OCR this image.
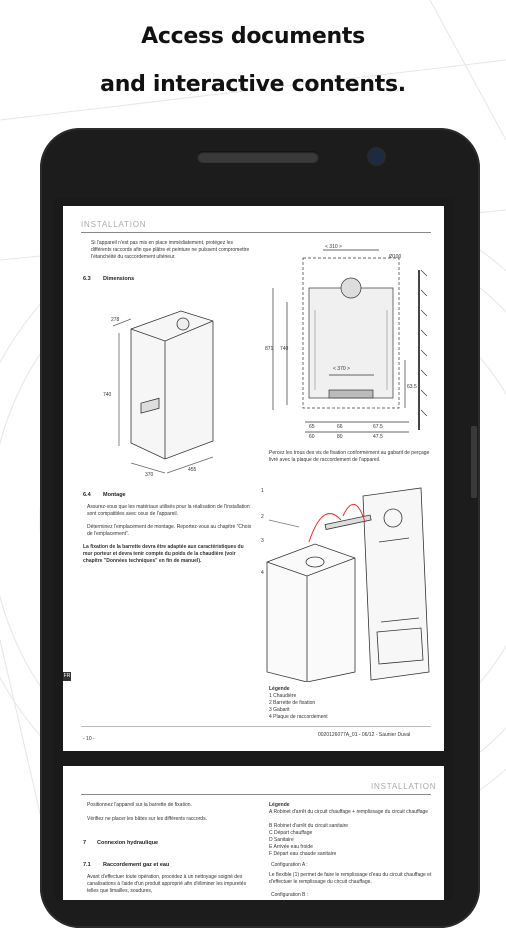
Access documents
and interactive contents.
INSTALLATION
Si l'appareil n'est pas mis en place immédiatement, protégez les différents raccords afin que plâtre et peinture ne puissent compromettre l'étanchéité du raccordement ultérieur.
6.3 Dimensions
740
370
455
278
< 310 >
Ø100
871 740
63.5
< 370 >
65	66	67.5
60	80	47.5
Percez les trous des vis de fixation conformément au gabarit de perçage livré avec la plaque de raccordement de l'appareil.
6.4 Montage
Assurez-vous que les matériaux utilisés pour la réalisation de l'installation sont compatibles avec ceux de l'appareil.
Déterminez l'emplacement de montage. Reportez-vous au chapitre "Choix de l'emplacement".
La fixation de la barrette devra être adaptée aux caractéristiques du mur porteur et devra tenir compte du poids de la chaudière (voir chapitre "Données techniques" en fin de manuel).
1
2
3
4
Légende
1 Chaudière
2 Barrette de fixation
3 Gabarit
4 Plaque de raccordement
FR
- 10 -
0020126077A_01 - 06/12 - Saunier Duval
INSTALLATION
Positionnez l'appareil sur la barrette de fixation.
Vérifiez ne placer les bâtes sur les différents raccords.
7 Connexion hydraulique
7.1 Raccordement gaz et eau
Avant d'effectuer toute opération, procédez à un nettoyage soigné des canalisations à l'aide d'un produit approprié afin d'éliminer les impuretés telles que limailles, soudures,
Légende
A Robinet d'arrêt du circuit chauffage + remplissage du circuit chauffage
B Robinet d'arrêt du circuit sanitaire
C Départ chauffage
D Sanitaire
E Arrivée eau froide
F Départ eau chaude sanitaire
Configuration A :
Le flexible (1) permet de faire le remplissage d'eau du circuit chauffage et d'effectuer le remplissage du circuit chauffage.
Configuration B :
